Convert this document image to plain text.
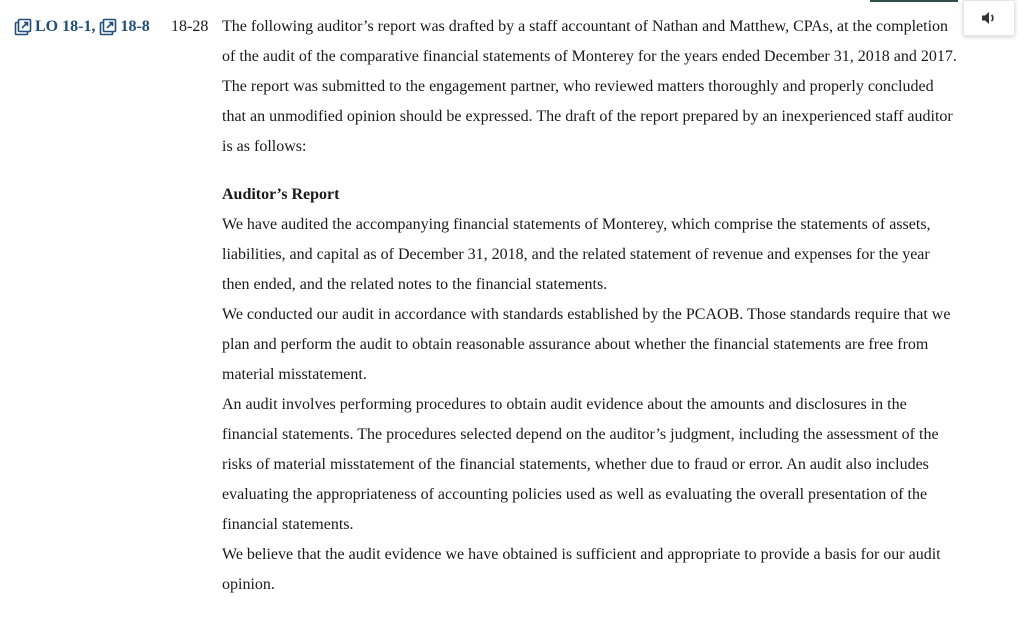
LO 18-1, 18-8 18-28 The following auditor’s report was drafted by a staff accountant of Nathan and Matthew, CPAs, at the completion of the audit of the comparative financial statements of Monterey for the years ended December 31, 2018 and 2017. The report was submitted to the engagement partner, who reviewed matters thoroughly and properly concluded that an unmodified opinion should be expressed. The draft of the report prepared by an inexperienced staff auditor is as follows:

Auditor’s Report

We have audited the accompanying financial statements of Monterey, which comprise the statements of assets, liabilities, and capital as of December 31, 2018, and the related statement of revenue and expenses for the year then ended, and the related notes to the financial statements.

We conducted our audit in accordance with standards established by the PCAOB. Those standards require that we plan and perform the audit to obtain reasonable assurance about whether the financial statements are free from material misstatement.

An audit involves performing procedures to obtain audit evidence about the amounts and disclosures in the financial statements. The procedures selected depend on the auditor’s judgment, including the assessment of the risks of material misstatement of the financial statements, whether due to fraud or error. An audit also includes evaluating the appropriateness of accounting policies used as well as evaluating the overall presentation of the financial statements.

We believe that the audit evidence we have obtained is sufficient and appropriate to provide a basis for our audit opinion.
